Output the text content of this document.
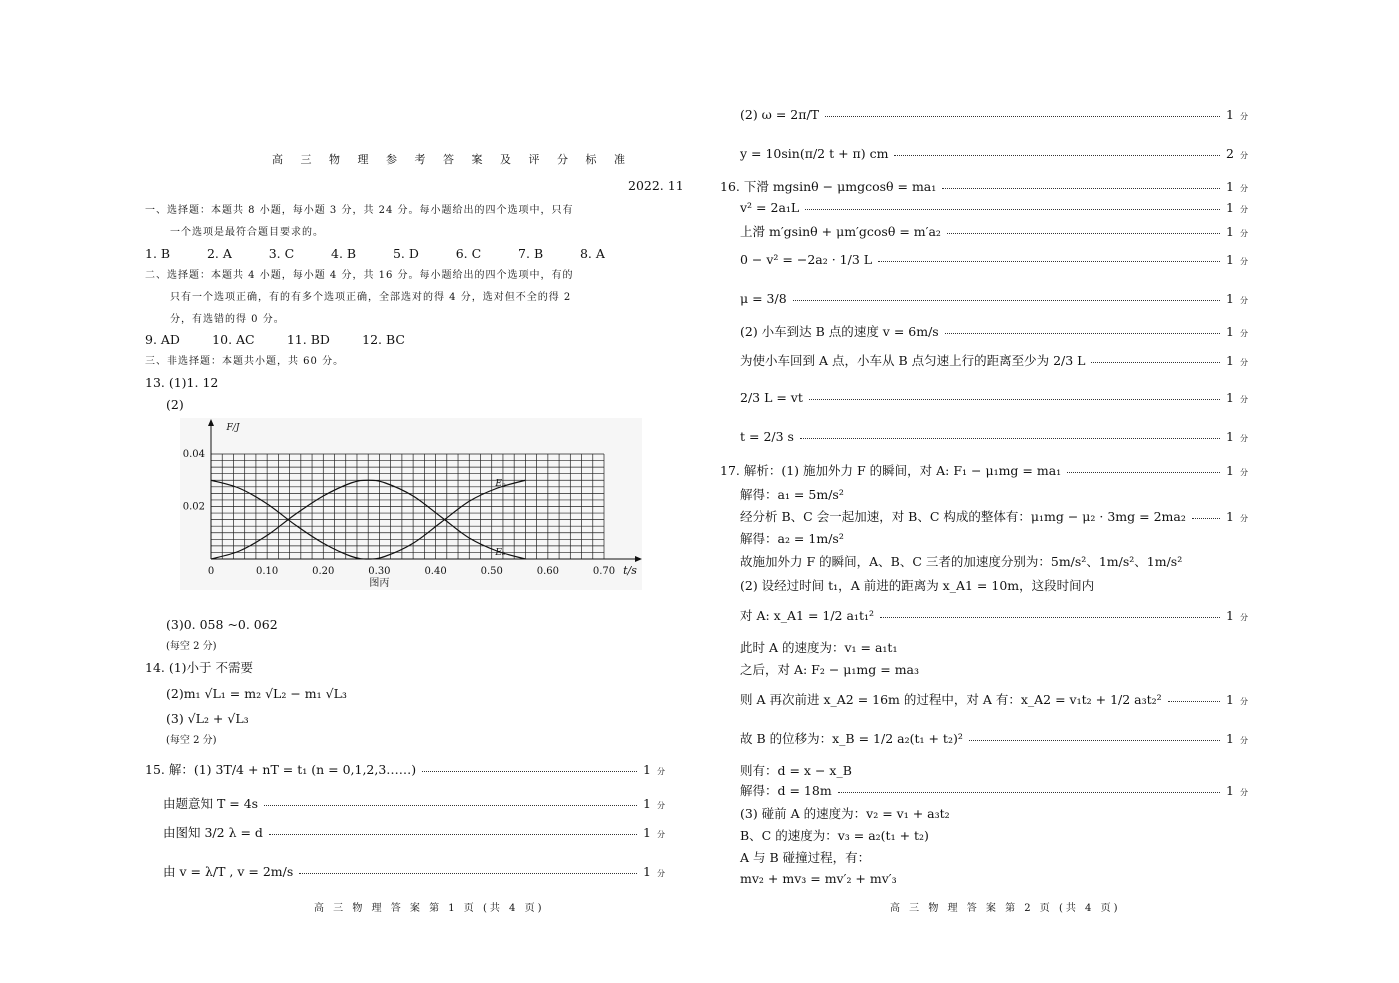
高 三 物 理 参 考 答 案 及 评 分 标 准
2022. 11
一、选择题：本题共 8 小题，每小题 3 分，共 24 分。每小题给出的四个选项中，只有
一个选项是最符合题目要求的。
1. B	2. A	3. C	4. B	5. D	6. C	7. B	8. A
二、选择题：本题共 4 小题，每小题 4 分，共 16 分。每小题给出的四个选项中，有的
只有一个选项正确，有的有多个选项正确，全部选对的得 4 分，选对但不全的得 2
分，有选错的得 0 分。
9. AD	10. AC	11. BD	12. BC
三、非选择题：本题共小题，共 60 分。
13. (1)1. 12
(2)
Eₖ
Eₚ
0	0.10	0.20	0.30	0.40	0.50	0.60	0.70
0.02
0.04
t/s
F/J
图丙
(3)0. 058 ~0. 062
(每空 2 分)
14. (1)小于 不需要
(2)m₁ √L₁ = m₂ √L₂ − m₁ √L₃
(3) √L₂ + √L₃
(每空 2 分)
15. 解：(1) 3T/4 + nT = t₁ (n = 0,1,2,3……)	1 分
由题意知 T = 4s	1 分
由图知 3/2 λ = d	1 分
由 v = λ/T , v = 2m/s	1 分
高 三 物 理 答 案 第 1 页 (共 4 页)
(2) ω = 2π/T	1 分
y = 10sin(π/2 t + π) cm	2 分
16. 下滑 mgsinθ − μmgcosθ = ma₁	1 分
v² = 2a₁L	1 分
上滑 m′gsinθ + μm′gcosθ = m′a₂	1 分
0 − v² = −2a₂ · 1/3 L	1 分
μ = 3/8	1 分
(2) 小车到达 B 点的速度 v = 6m/s	1 分
为使小车回到 A 点，小车从 B 点匀速上行的距离至少为 2/3 L	1 分
2/3 L = vt	1 分
t = 2/3 s	1 分
17. 解析：(1) 施加外力 F 的瞬间，对 A: F₁ − μ₁mg = ma₁	1 分
解得：a₁ = 5m/s²
经分析 B、C 会一起加速，对 B、C 构成的整体有：μ₁mg − μ₂ · 3mg = 2ma₂	1 分
解得：a₂ = 1m/s²
故施加外力 F 的瞬间，A、B、C 三者的加速度分别为：5m/s²、1m/s²、1m/s²
(2) 设经过时间 t₁，A 前进的距离为 x_A1 = 10m，这段时间内
对 A: x_A1 = 1/2 a₁t₁²	1 分
此时 A 的速度为：v₁ = a₁t₁
之后，对 A: F₂ − μ₁mg = ma₃
则 A 再次前进 x_A2 = 16m 的过程中，对 A 有：x_A2 = v₁t₂ + 1/2 a₃t₂²	1 分
故 B 的位移为：x_B = 1/2 a₂(t₁ + t₂)²	1 分
则有：d = x − x_B
解得：d = 18m	1 分
(3) 碰前 A 的速度为：v₂ = v₁ + a₃t₂
B、C 的速度为：v₃ = a₂(t₁ + t₂)
A 与 B 碰撞过程，有：
mv₂ + mv₃ = mv′₂ + mv′₃
高 三 物 理 答 案 第 2 页 (共 4 页)
